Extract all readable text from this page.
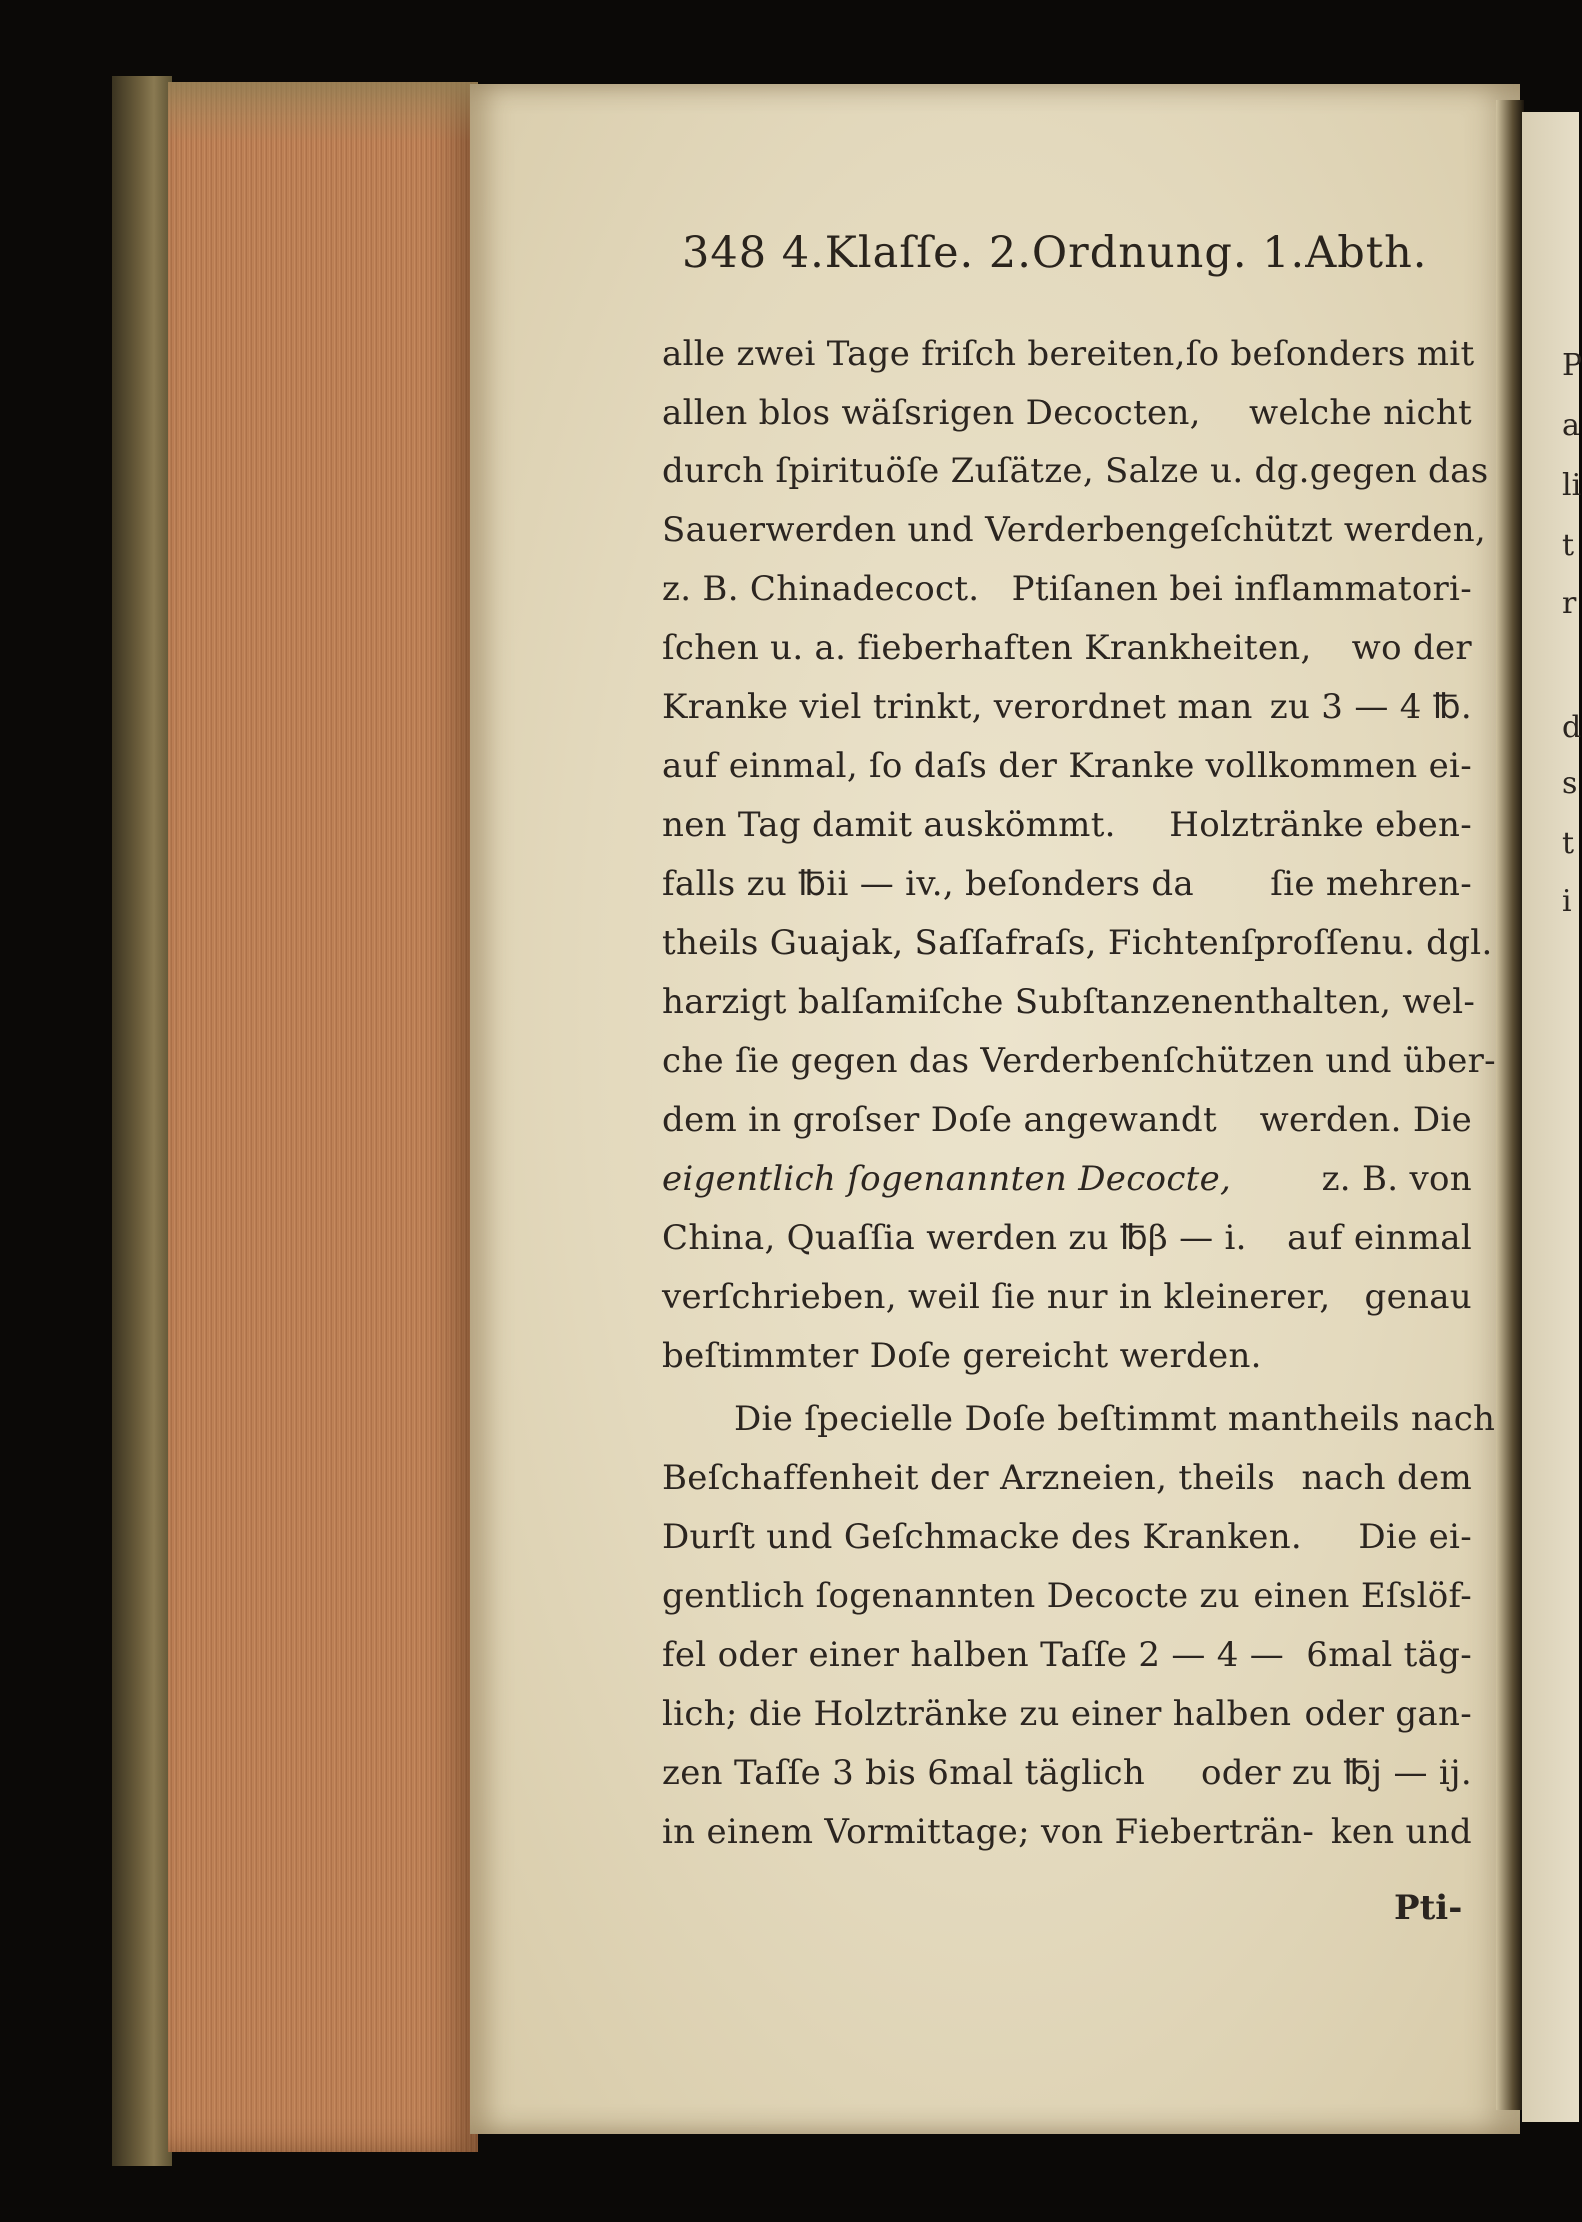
P
a
li
t
r
d
s
t
i
348 4.Klaſſe. 2.Ordnung. 1.Abth.
alle zwei Tage friſch bereiten, ſo beſonders mit
allen blos wäſsrigen Decocten, welche nicht
durch ſpirituöſe Zuſätze, Salze u. dg. gegen das
Sauerwerden und Verderben geſchützt werden,
z. B. Chinadecoct. Ptiſanen bei inflammatori-
ſchen u. a. fieberhaften Krankheiten, wo der
Kranke viel trinkt, verordnet man zu 3 — 4 ℔.
auf einmal, ſo daſs der Kranke vollkommen ei-
nen Tag damit auskömmt. Holztränke eben-
falls zu ℔ii — iv., beſonders da ſie mehren-
theils Guajak, Saſſafraſs, Fichtenſproſſen u. dgl.
harzigt balſamiſche Subſtanzen enthalten, wel-
che ſie gegen das Verderben ſchützen und über-
dem in groſser Doſe angewandt werden. Die
eigentlich ſogenannten Decocte,	z. B. von
China, Quaſſia werden zu ℔β — i. auf einmal
verſchrieben, weil ſie nur in kleinerer, genau
beſtimmter Doſe gereicht werden.
Die ſpecielle Doſe beſtimmt man theils nach
Beſchaffenheit der Arzneien, theils nach dem
Durſt und Geſchmacke des Kranken. Die ei-
gentlich ſogenannten Decocte zu einen Eſslöf-
fel oder einer halben Taſſe 2 — 4 — 6mal täg-
lich; die Holztränke zu einer halben oder gan-
zen Taſſe 3 bis 6mal täglich oder zu ℔j — ij.
in einem Vormittage; von Fieberträn- ken und
Pti-
